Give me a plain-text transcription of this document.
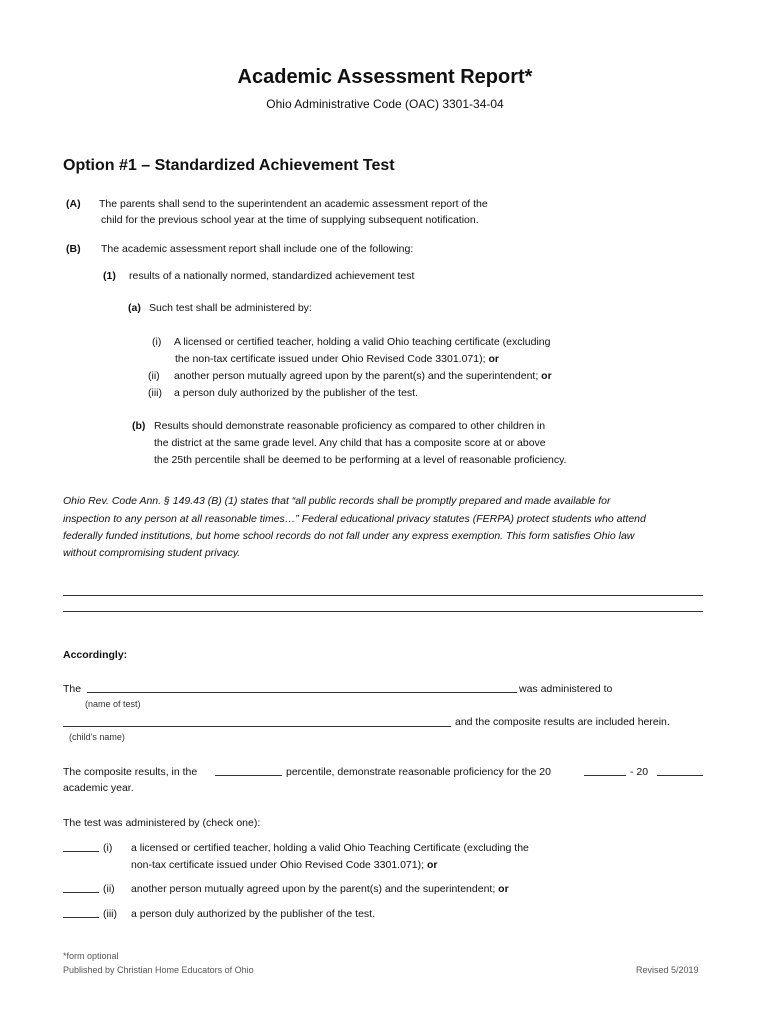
Academic Assessment Report*
Ohio Administrative Code (OAC) 3301-34-04
Option #1 – Standardized Achievement Test
(A) The parents shall send to the superintendent an academic assessment report of the
child for the previous school year at the time of supplying subsequent notification.
(B) The academic assessment report shall include one of the following:
(1) results of a nationally normed, standardized achievement test
(a) Such test shall be administered by:
(i) A licensed or certified teacher, holding a valid Ohio teaching certificate (excluding
the non-tax certificate issued under Ohio Revised Code 3301.071); or
(ii) another person mutually agreed upon by the parent(s) and the superintendent; or
(iii) a person duly authorized by the publisher of the test.
(b) Results should demonstrate reasonable proficiency as compared to other children in
the district at the same grade level. Any child that has a composite score at or above
the 25th percentile shall be deemed to be performing at a level of reasonable proficiency.
Ohio Rev. Code Ann. § 149.43 (B) (1) states that “all public records shall be promptly prepared and made available for
inspection to any person at all reasonable times…” Federal educational privacy statutes (FERPA) protect students who attend
federally funded institutions, but home school records do not fall under any express exemption. This form satisfies Ohio law
without compromising student privacy.
Accordingly:
The	was administered to
(name of test)
and the composite results are included herein.
(child’s name)
The composite results, in the	percentile, demonstrate reasonable proficiency for the 20	- 20
academic year.
The test was administered by (check one):
(i) a licensed or certified teacher, holding a valid Ohio Teaching Certificate (excluding the
non-tax certificate issued under Ohio Revised Code 3301.071); or
(ii) another person mutually agreed upon by the parent(s) and the superintendent; or
(iii) a person duly authorized by the publisher of the test.
*form optional
Published by Christian Home Educators of Ohio	Revised 5/2019
